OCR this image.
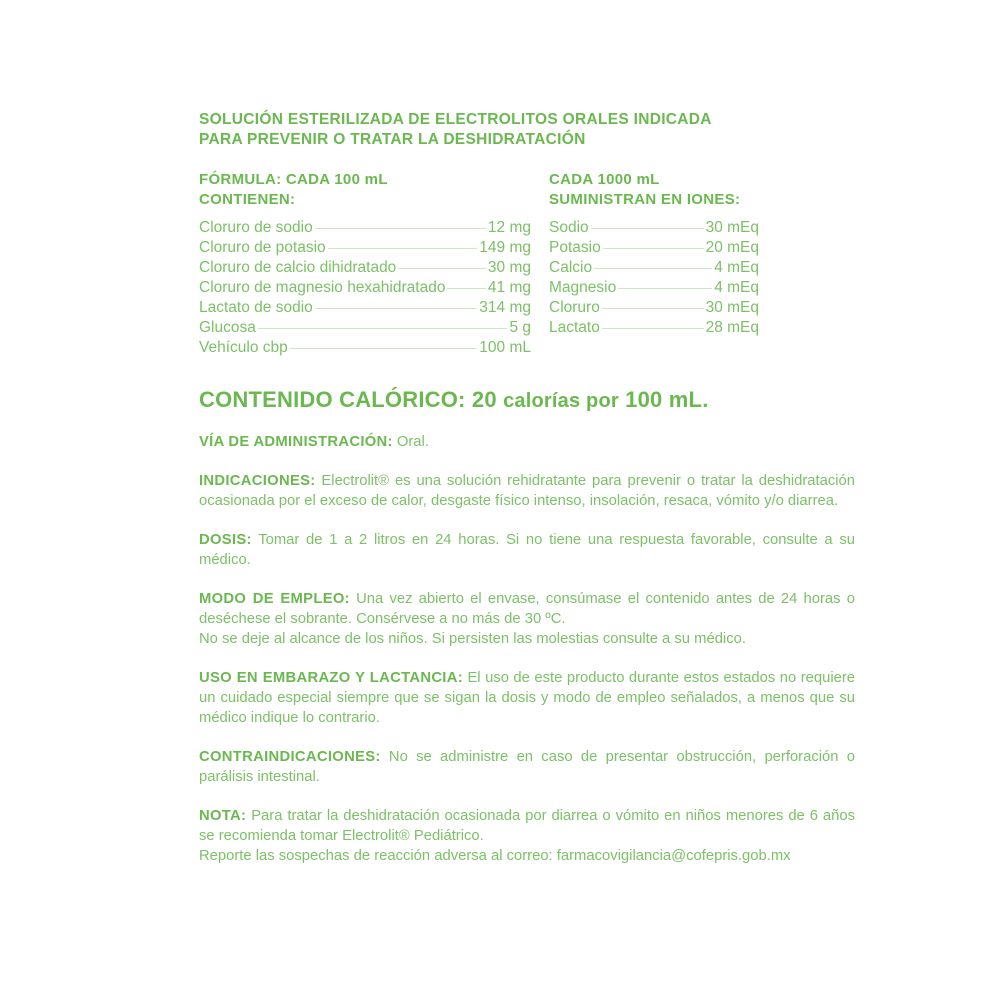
SOLUCIÓN ESTERILIZADA DE ELECTROLITOS ORALES INDICADA
PARA PREVENIR O TRATAR LA DESHIDRATACIÓN
FÓRMULA: CADA 100 mL
CONTIENEN:
Cloruro de sodio	12 mg
Cloruro de potasio	149 mg
Cloruro de calcio dihidratado	30 mg
Cloruro de magnesio hexahidratado	41 mg
Lactato de sodio	314 mg
Glucosa	5 g
Vehículo cbp	100 mL
CADA 1000 mL
SUMINISTRAN EN IONES:
Sodio	30 mEq
Potasio	20 mEq
Calcio	4 mEq
Magnesio	4 mEq
Cloruro	30 mEq
Lactato	28 mEq
CONTENIDO CALÓRICO: 20 calorías por 100 mL.
VÍA DE ADMINISTRACIÓN: Oral.
INDICACIONES: Electrolit® es una solución rehidratante para prevenir o tratar la deshidratación ocasionada por el exceso de calor, desgaste físico intenso, insolación, resaca, vómito y/o diarrea.
DOSIS: Tomar de 1 a 2 litros en 24 horas. Si no tiene una respuesta favorable, consulte a su médico.
MODO DE EMPLEO: Una vez abierto el envase, consúmase el contenido antes de 24 horas o deséchese el sobrante. Consérvese a no más de 30 ºC.
No se deje al alcance de los niños. Si persisten las molestias consulte a su médico.
USO EN EMBARAZO Y LACTANCIA: El uso de este producto durante estos estados no requiere un cuidado especial siempre que se sigan la dosis y modo de empleo señalados, a menos que su médico indique lo contrario.
CONTRAINDICACIONES: No se administre en caso de presentar obstrucción, perforación o parálisis intestinal.
NOTA: Para tratar la deshidratación ocasionada por diarrea o vómito en niños menores de 6 años se recomienda tomar Electrolit® Pediátrico.
Reporte las sospechas de reacción adversa al correo: farmacovigilancia@cofepris.gob.mx
